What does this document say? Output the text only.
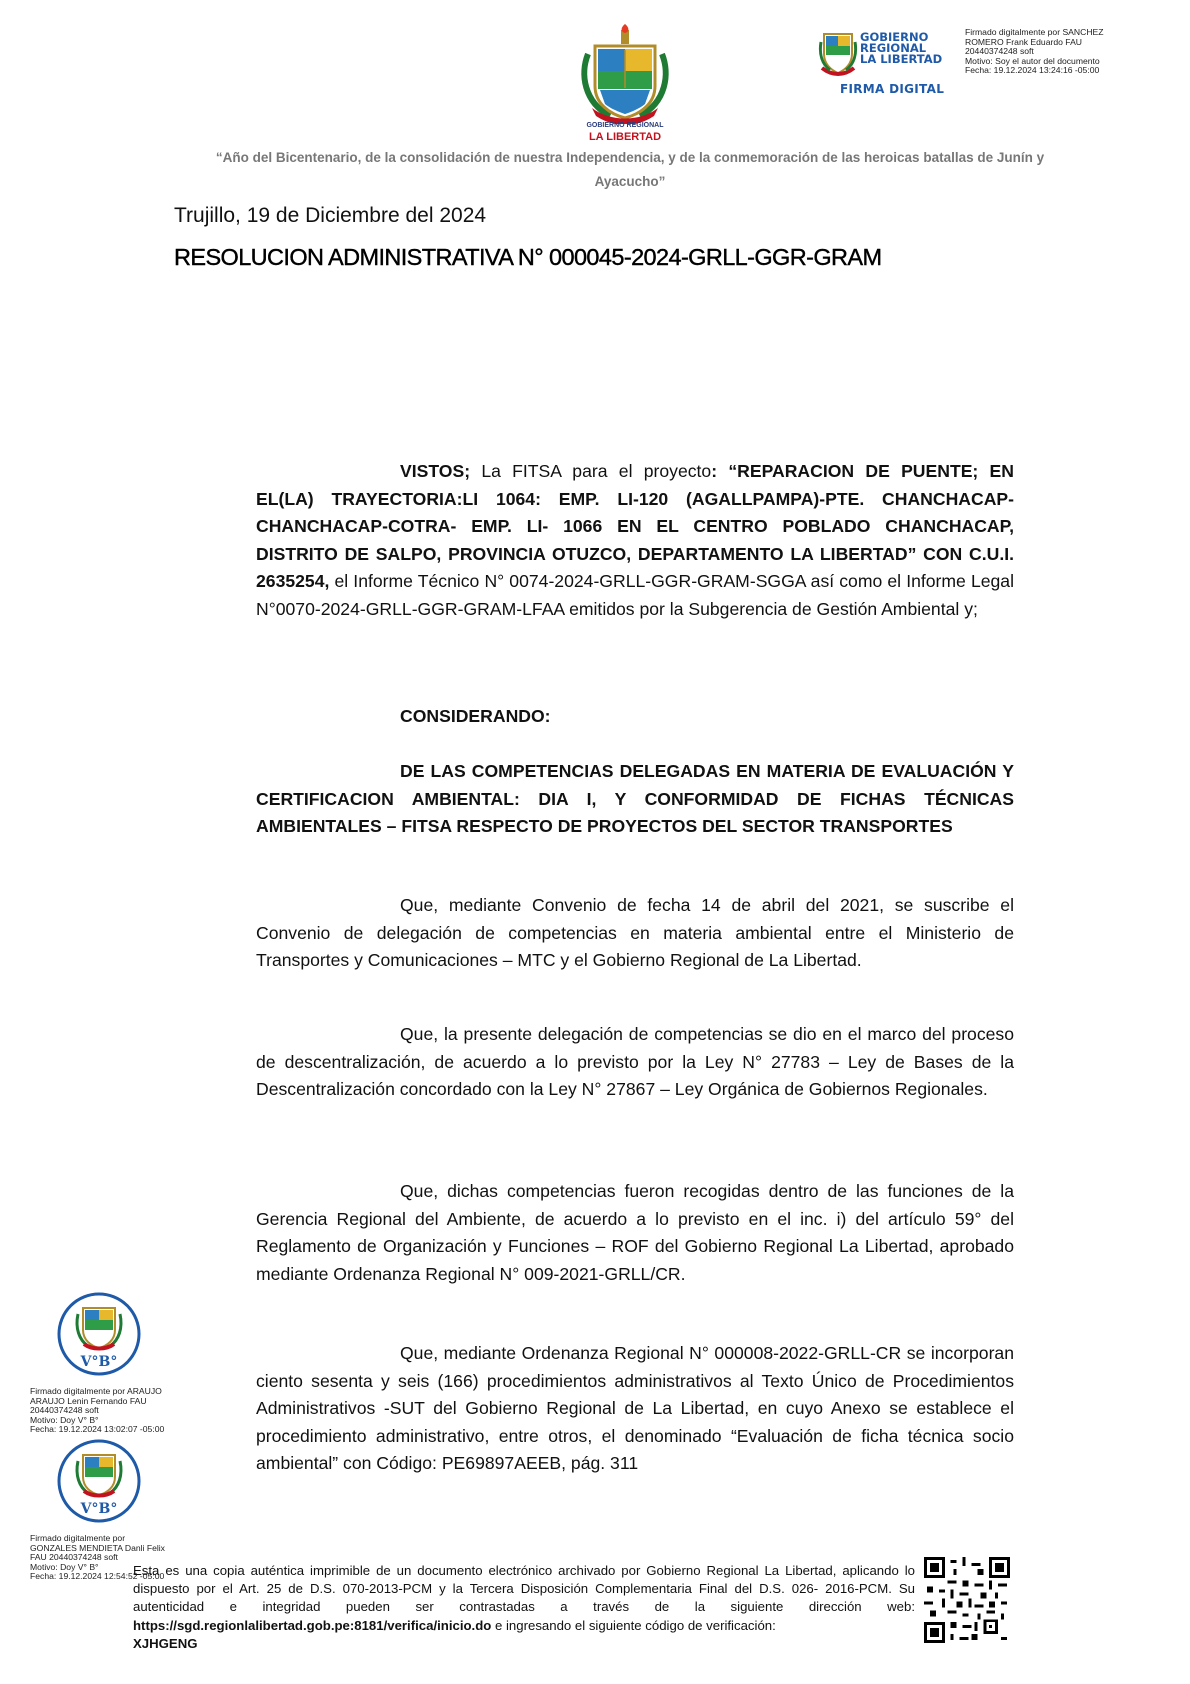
GOBIERNO REGIONAL
LA LIBERTAD
GOBIERNO
REGIONAL
LA LIBERTAD
FIRMA DIGITAL
Firmado digitalmente por SANCHEZ
ROMERO Frank Eduardo FAU
20440374248 soft
Motivo: Soy el autor del documento
Fecha: 19.12.2024 13:24:16 -05:00
“Año del Bicentenario, de la consolidación de nuestra Independencia, y de la conmemoración de las heroicas batallas de Junín y
Ayacucho”
Trujillo, 19 de Diciembre del 2024
RESOLUCION ADMINISTRATIVA N° 000045-2024-GRLL-GGR-GRAM
VISTOS; La FITSA para el proyecto: “REPARACION DE PUENTE; EN EL(LA) TRAYECTORIA:LI 1064: EMP. LI-120 (AGALLPAMPA)-PTE. CHANCHACAP-CHANCHACAP-COTRA- EMP. LI- 1066 EN EL CENTRO POBLADO CHANCHACAP, DISTRITO DE SALPO, PROVINCIA OTUZCO, DEPARTAMENTO LA LIBERTAD” CON C.U.I. 2635254, el Informe Técnico N° 0074-2024-GRLL-GGR-GRAM-SGGA así como el Informe Legal N°0070-2024-GRLL-GGR-GRAM-LFAA emitidos por la Subgerencia de Gestión Ambiental y;
CONSIDERANDO:
DE LAS COMPETENCIAS DELEGADAS EN MATERIA DE EVALUACIÓN Y CERTIFICACION AMBIENTAL: DIA I, Y CONFORMIDAD DE FICHAS TÉCNICAS AMBIENTALES – FITSA RESPECTO DE PROYECTOS DEL SECTOR TRANSPORTES
Que, mediante Convenio de fecha 14 de abril del 2021, se suscribe el Convenio de delegación de competencias en materia ambiental entre el Ministerio de Transportes y Comunicaciones – MTC y el Gobierno Regional de La Libertad.
Que, la presente delegación de competencias se dio en el marco del proceso de descentralización, de acuerdo a lo previsto por la Ley N° 27783 – Ley de Bases de la Descentralización concordado con la Ley N° 27867 – Ley Orgánica de Gobiernos Regionales.
Que, dichas competencias fueron recogidas dentro de las funciones de la Gerencia Regional del Ambiente, de acuerdo a lo previsto en el inc. i) del artículo 59° del Reglamento de Organización y Funciones – ROF del Gobierno Regional La Libertad, aprobado mediante Ordenanza Regional N° 009-2021-GRLL/CR.
Que, mediante Ordenanza Regional N° 000008-2022-GRLL-CR se incorporan ciento sesenta y seis (166) procedimientos administrativos al Texto Único de Procedimientos Administrativos -SUT del Gobierno Regional de La Libertad, en cuyo Anexo se establece el procedimiento administrativo, entre otros, el denominado “Evaluación de ficha técnica socio ambiental” con Código: PE69897AEEB, pág. 311
V°B°
Firmado digitalmente por ARAUJO
ARAUJO Lenin Fernando FAU
20440374248 soft
Motivo: Doy V° B°
Fecha: 19.12.2024 13:02:07 -05:00
V°B°
Firmado digitalmente por
GONZALES MENDIETA Danli Felix
FAU 20440374248 soft
Motivo: Doy V° B°
Fecha: 19.12.2024 12:54:52 -05:00
Esta es una copia auténtica imprimible de un documento electrónico archivado por Gobierno Regional La Libertad, aplicando lo dispuesto por el Art. 25 de D.S. 070-2013-PCM y la Tercera Disposición Complementaria Final del D.S. 026- 2016-PCM. Su autenticidad e integridad pueden ser contrastadas a través de la siguiente dirección web: https://sgd.regionlalibertad.gob.pe:8181/verifica/inicio.do e ingresando el siguiente código de verificación:
XJHGENG
